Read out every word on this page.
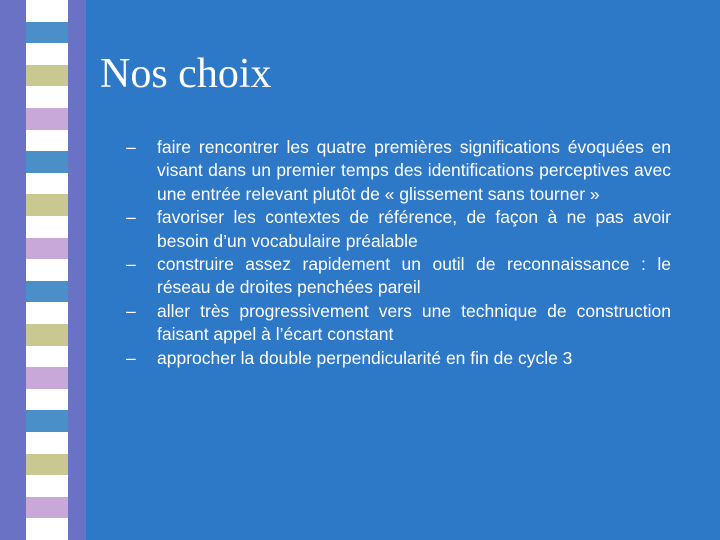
Nos choix
– faire rencontrer les quatre premières significations évoquées en visant dans un premier temps des identifications perceptives avec une entrée relevant plutôt de « glissement sans tourner »
– favoriser les contextes de référence, de façon à ne pas avoir besoin d’un vocabulaire préalable
– construire assez rapidement un outil de reconnaissance : le réseau de droites penchées pareil
– aller très progressivement vers une technique de construction faisant appel à l’écart constant
– approcher la double perpendicularité en fin de cycle 3
